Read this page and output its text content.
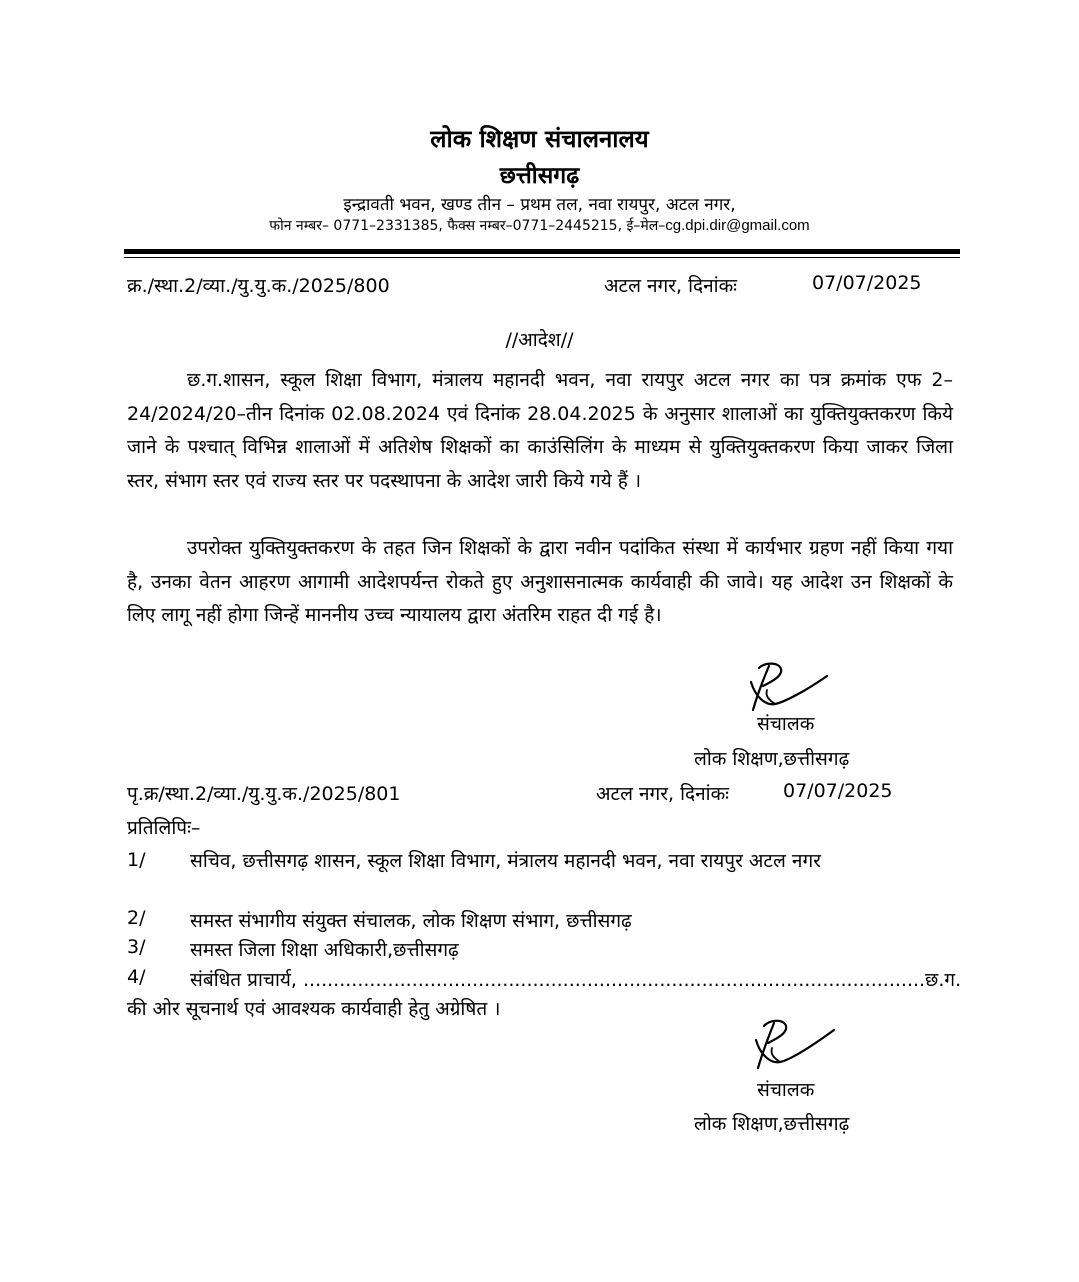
लोक शिक्षण संचालनालय
छत्तीसगढ़
इन्द्रावती भवन, खण्ड तीन – प्रथम तल, नवा रायपुर, अटल नगर,
फोन नम्बर– 0771–2331385, फैक्स नम्बर–0771–2445215, ई–मेल–cg.dpi.dir@gmail.com
क्र./स्था.2/व्या./यु.यु.क./2025/800	अटल नगर, दिनांकः	07/07/2025
//आदेश//
छ.ग.शासन, स्कूल शिक्षा विभाग, मंत्रालय महानदी भवन, नवा रायपुर अटल नगर का पत्र क्रमांक एफ 2–24/2024/20–तीन दिनांक 02.08.2024 एवं दिनांक 28.04.2025 के अनुसार शालाओं का युक्तियुक्तकरण किये जाने के पश्चात् विभिन्न शालाओं में अतिशेष शिक्षकों का काउंसिलिंग के माध्यम से युक्तियुक्तकरण किया जाकर जिला स्तर, संभाग स्तर एवं राज्य स्तर पर पदस्थापना के आदेश जारी किये गये हैं ।
उपरोक्त युक्तियुक्तकरण के तहत जिन शिक्षकों के द्वारा नवीन पदांकित संस्था में कार्यभार ग्रहण नहीं किया गया है, उनका वेतन आहरण आगामी आदेशपर्यन्त रोकते हुए अनुशासनात्मक कार्यवाही की जावे। यह आदेश उन शिक्षकों के लिए लागू नहीं होगा जिन्हें माननीय उच्च न्यायालय द्वारा अंतरिम राहत दी गई है।
संचालक
लोक शिक्षण,छत्तीसगढ़
पृ.क्र/स्था.2/व्या./यु.यु.क./2025/801	अटल नगर, दिनांकः	07/07/2025
प्रतिलिपिः–
1/ सचिव, छत्तीसगढ़ शासन, स्कूल शिक्षा विभाग, मंत्रालय महानदी भवन, नवा रायपुर अटल नगर
2/ समस्त संभागीय संयुक्त संचालक, लोक शिक्षण संभाग, छत्तीसगढ़
3/ समस्त जिला शिक्षा अधिकारी,छत्तीसगढ़
4/ संबंधित प्राचार्य, .......................................................................................................छ.ग.
की ओर सूचनार्थ एवं आवश्यक कार्यवाही हेतु अग्रेषित ।
संचालक
लोक शिक्षण,छत्तीसगढ़
